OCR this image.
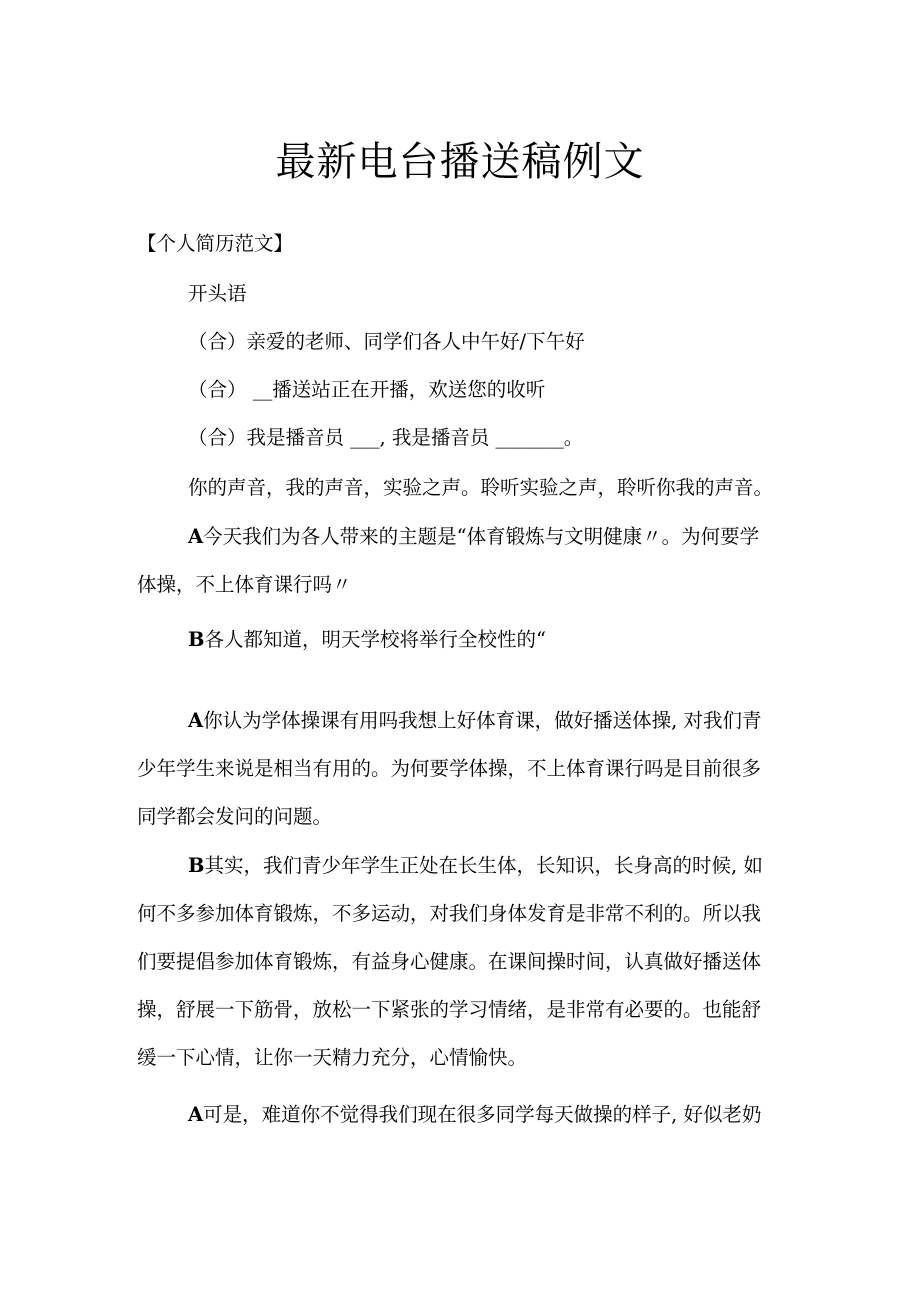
最新电台播送稿例文
【个人简历范文】
开头语
（合）亲爱的老师、同学们各人中午好/下午好
（合） __播送站正在开播，欢送您的收听
（合）我是播音员 ___, 我是播音员 _______。
你的声音，我的声音，实验之声。聆听实验之声，聆听你我的声音。
A今天我们为各人带来的主题是“体育锻炼与文明健康〃。为何要学
体操，不上体育课行吗〃
B各人都知道，明天学校将举行全校性的“
A你认为学体操课有用吗我想上好体育课，做好播送体操, 对我们青
少年学生来说是相当有用的。为何要学体操，不上体育课行吗是目前很多
同学都会发问的问题。
B其实，我们青少年学生正处在长生体，长知识，长身高的时候, 如
何不多参加体育锻炼，不多运动，对我们身体发育是非常不利的。所以我
们要提倡参加体育锻炼，有益身心健康。在课间操时间，认真做好播送体
操，舒展一下筋骨，放松一下紧张的学习情绪，是非常有必要的。也能舒
缓一下心情，让你一天精力充分，心情愉快。
A可是，难道你不觉得我们现在很多同学每天做操的样子, 好似老奶
